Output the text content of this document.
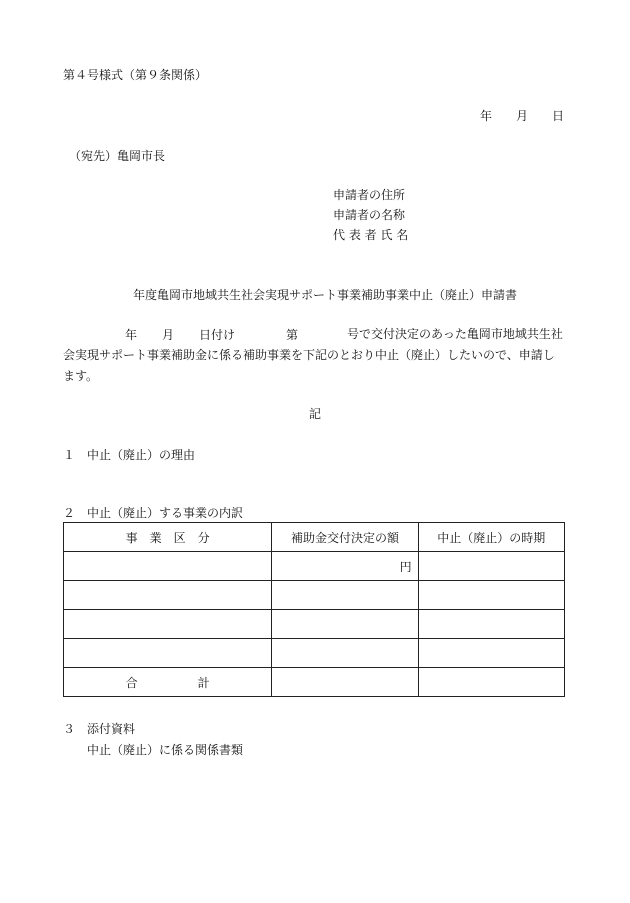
第４号様式（第９条関係）
年 月 日
（宛先）亀岡市長
申請者の住所
申請者の名称
代 表 者 氏 名
年度亀岡市地域共生社会実現サポート事業補助事業中止（廃止）申請書
年 月 日付け	第	号で交付決定のあった亀岡市地域共生社会実現サポート事業補助金に係る補助事業を下記のとおり中止（廃止）したいので、申請します。
記
１　中止（廃止）の理由
２　中止（廃止）する事業の内訳
事　業　区　分	補助金交付決定の額	中止（廃止）の時期
	円	

合　　　　　計		
３　添付資料
中止（廃止）に係る関係書類
